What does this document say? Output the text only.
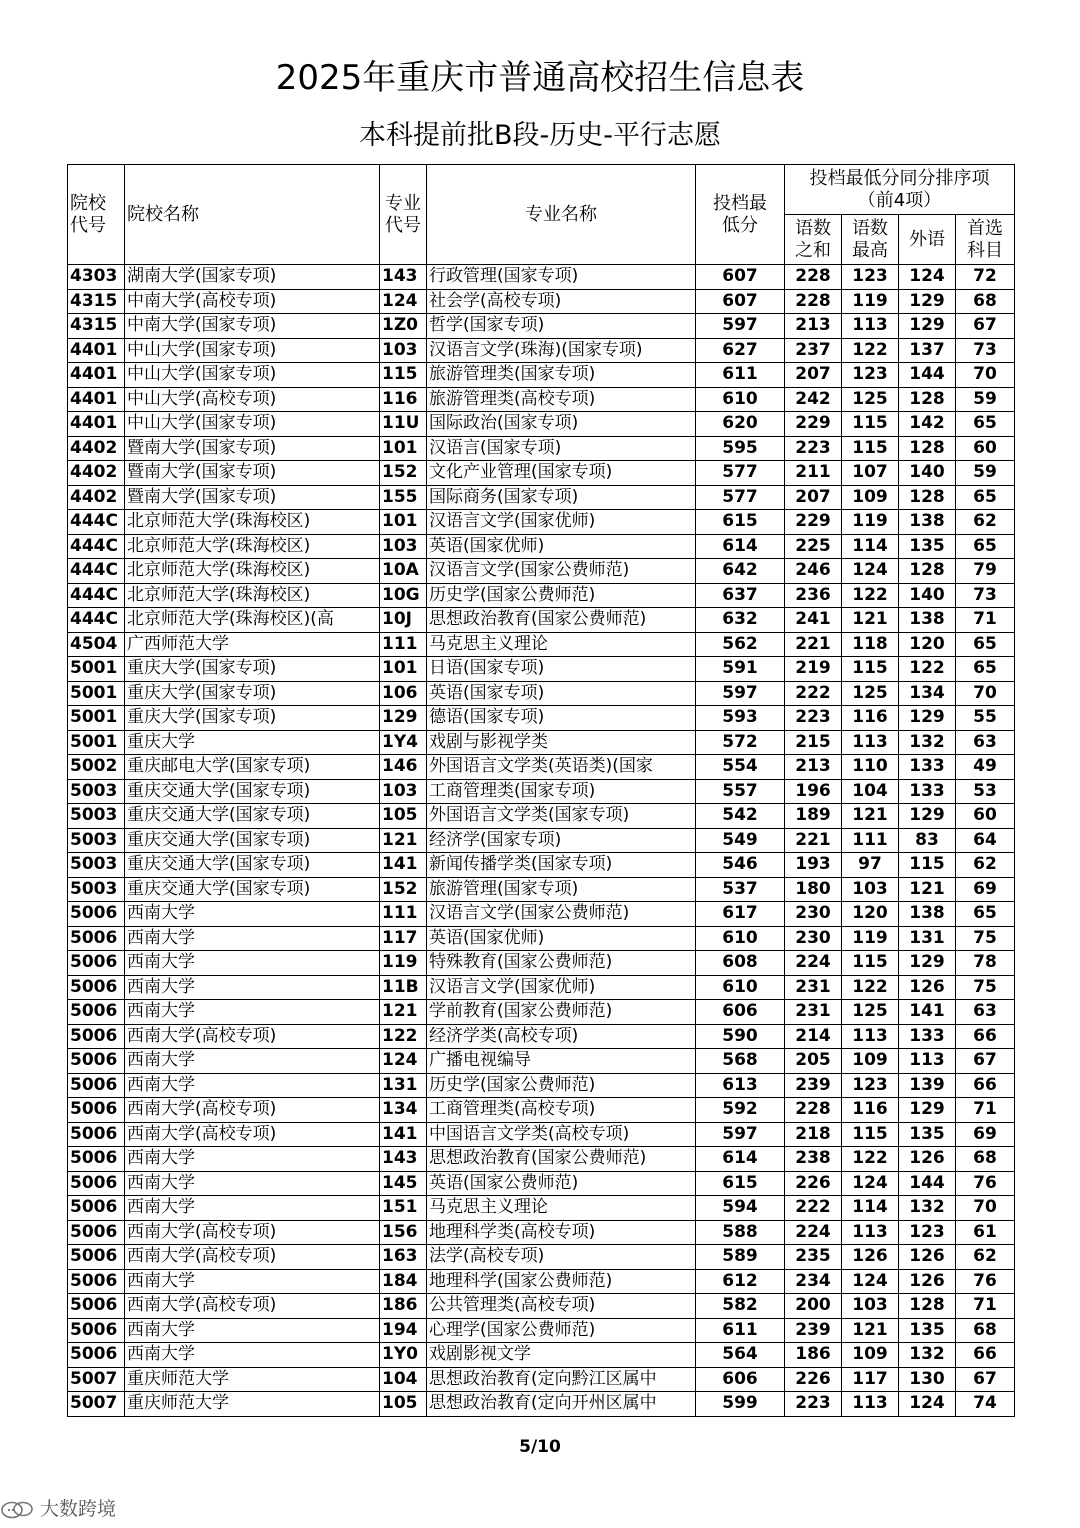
2025年重庆市普通高校招生信息表
本科提前批B段-历史-平行志愿
院校代号	院校名称	专业代号	专业名称	投档最低分	投档最低分同分排序项（前4项）			
					语数之和	语数最高	外语	首选科目
4303	湖南大学(国家专项)	143	行政管理(国家专项)	607	228	123	124	72
4315	中南大学(高校专项)	124	社会学(高校专项)	607	228	119	129	68
4315	中南大学(国家专项)	1Z0	哲学(国家专项)	597	213	113	129	67
4401	中山大学(国家专项)	103	汉语言文学(珠海)(国家专项)	627	237	122	137	73
4401	中山大学(国家专项)	115	旅游管理类(国家专项)	611	207	123	144	70
4401	中山大学(高校专项)	116	旅游管理类(高校专项)	610	242	125	128	59
4401	中山大学(国家专项)	11U	国际政治(国家专项)	620	229	115	142	65
4402	暨南大学(国家专项)	101	汉语言(国家专项)	595	223	115	128	60
4402	暨南大学(国家专项)	152	文化产业管理(国家专项)	577	211	107	140	59
4402	暨南大学(国家专项)	155	国际商务(国家专项)	577	207	109	128	65
444C	北京师范大学(珠海校区)	101	汉语言文学(国家优师)	615	229	119	138	62
444C	北京师范大学(珠海校区)	103	英语(国家优师)	614	225	114	135	65
444C	北京师范大学(珠海校区)	10A	汉语言文学(国家公费师范)	642	246	124	128	79
444C	北京师范大学(珠海校区)	10G	历史学(国家公费师范)	637	236	122	140	73
444C	北京师范大学(珠海校区)(高	10J	思想政治教育(国家公费师范)	632	241	121	138	71
4504	广西师范大学	111	马克思主义理论	562	221	118	120	65
5001	重庆大学(国家专项)	101	日语(国家专项)	591	219	115	122	65
5001	重庆大学(国家专项)	106	英语(国家专项)	597	222	125	134	70
5001	重庆大学(国家专项)	129	德语(国家专项)	593	223	116	129	55
5001	重庆大学	1Y4	戏剧与影视学类	572	215	113	132	63
5002	重庆邮电大学(国家专项)	146	外国语言文学类(英语类)(国家	554	213	110	133	49
5003	重庆交通大学(国家专项)	103	工商管理类(国家专项)	557	196	104	133	53
5003	重庆交通大学(国家专项)	105	外国语言文学类(国家专项)	542	189	121	129	60
5003	重庆交通大学(国家专项)	121	经济学(国家专项)	549	221	111	83	64
5003	重庆交通大学(国家专项)	141	新闻传播学类(国家专项)	546	193	97	115	62
5003	重庆交通大学(国家专项)	152	旅游管理(国家专项)	537	180	103	121	69
5006	西南大学	111	汉语言文学(国家公费师范)	617	230	120	138	65
5006	西南大学	117	英语(国家优师)	610	230	119	131	75
5006	西南大学	119	特殊教育(国家公费师范)	608	224	115	129	78
5006	西南大学	11B	汉语言文学(国家优师)	610	231	122	126	75
5006	西南大学	121	学前教育(国家公费师范)	606	231	125	141	63
5006	西南大学(高校专项)	122	经济学类(高校专项)	590	214	113	133	66
5006	西南大学	124	广播电视编导	568	205	109	113	67
5006	西南大学	131	历史学(国家公费师范)	613	239	123	139	66
5006	西南大学(高校专项)	134	工商管理类(高校专项)	592	228	116	129	71
5006	西南大学(高校专项)	141	中国语言文学类(高校专项)	597	218	115	135	69
5006	西南大学	143	思想政治教育(国家公费师范)	614	238	122	126	68
5006	西南大学	145	英语(国家公费师范)	615	226	124	144	76
5006	西南大学	151	马克思主义理论	594	222	114	132	70
5006	西南大学(高校专项)	156	地理科学类(高校专项)	588	224	113	123	61
5006	西南大学(高校专项)	163	法学(高校专项)	589	235	126	126	62
5006	西南大学	184	地理科学(国家公费师范)	612	234	124	126	76
5006	西南大学(高校专项)	186	公共管理类(高校专项)	582	200	103	128	71
5006	西南大学	194	心理学(国家公费师范)	611	239	121	135	68
5006	西南大学	1Y0	戏剧影视文学	564	186	109	132	66
5007	重庆师范大学	104	思想政治教育(定向黔江区属中	606	226	117	130	67
5007	重庆师范大学	105	思想政治教育(定向开州区属中	599	223	113	124	74
5/10
大数跨境
